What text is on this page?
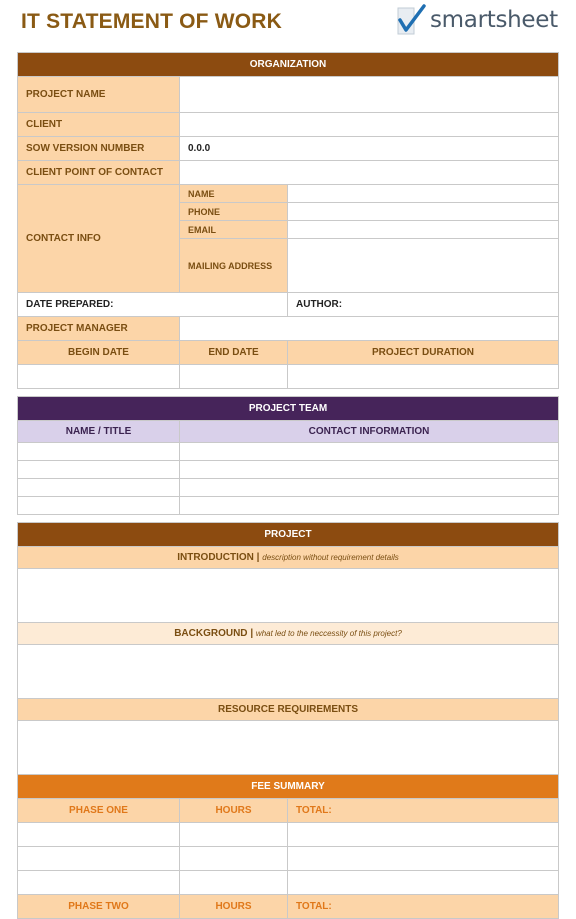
IT STATEMENT OF WORK	smartsheet
ORGANIZATION		
PROJECT NAME		
CLIENT		
SOW VERSION NUMBER	0.0.0	
CLIENT POINT OF CONTACT		
CONTACT INFO	NAME	
	PHONE	
	EMAIL	
	MAILING ADDRESS	
DATE PREPARED:		AUTHOR:
PROJECT MANAGER		
BEGIN DATE	END DATE	PROJECT DURATION

PROJECT TEAM	
NAME / TITLE	CONTACT INFORMATION

PROJECT
INTRODUCTION | description without requirement details

BACKGROUND | what led to the neccessity of this project?

RESOURCE REQUIREMENTS

FEE SUMMARY		
PHASE ONE	HOURS	TOTAL:

PHASE TWO	HOURS	TOTAL:
